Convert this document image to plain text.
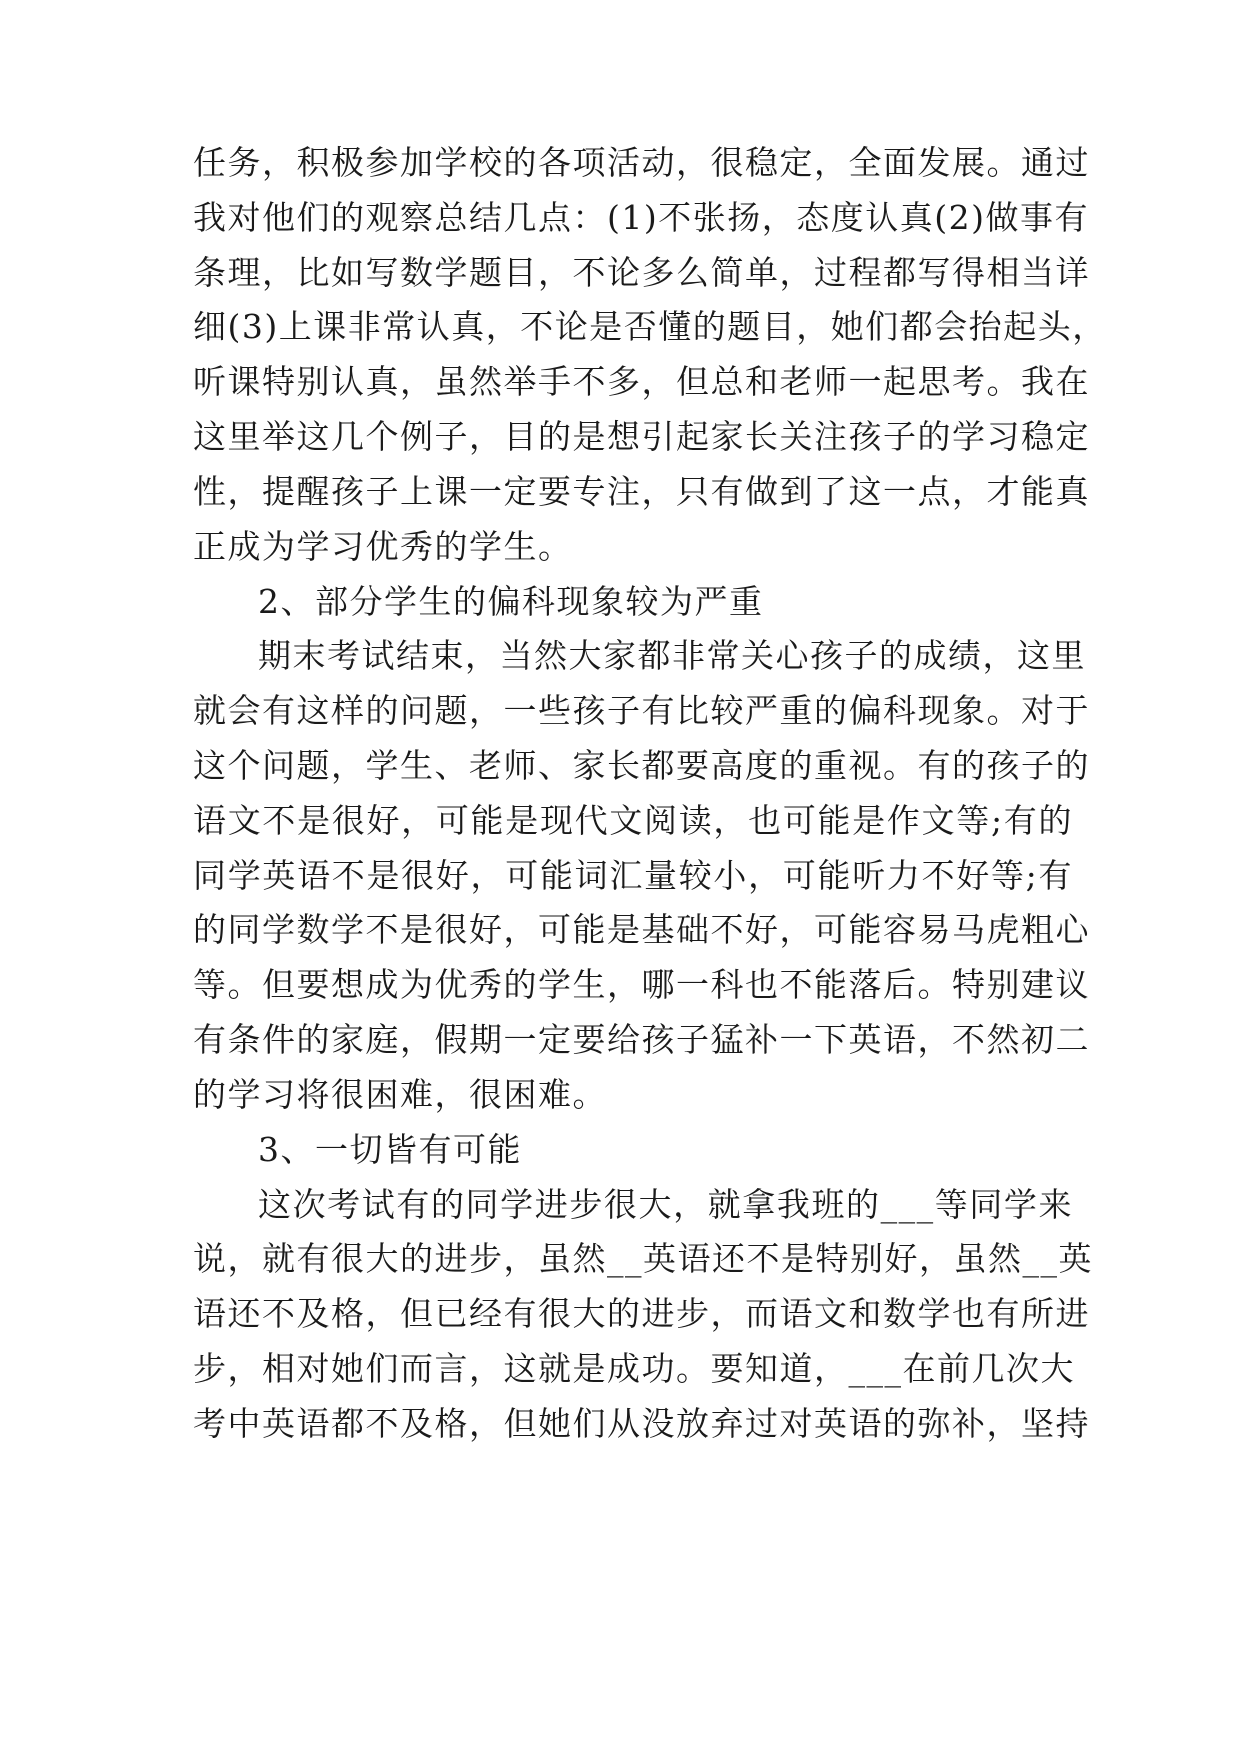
任务，积极参加学校的各项活动，很稳定，全面发展。通过
我对他们的观察总结几点：(1)不张扬，态度认真(2)做事有
条理，比如写数学题目，不论多么简单，过程都写得相当详
细(3)上课非常认真，不论是否懂的题目，她们都会抬起头，
听课特别认真，虽然举手不多，但总和老师一起思考。我在
这里举这几个例子，目的是想引起家长关注孩子的学习稳定
性，提醒孩子上课一定要专注，只有做到了这一点，才能真
正成为学习优秀的学生。
2、部分学生的偏科现象较为严重
期末考试结束，当然大家都非常关心孩子的成绩，这里
就会有这样的问题，一些孩子有比较严重的偏科现象。对于
这个问题，学生、老师、家长都要高度的重视。有的孩子的
语文不是很好，可能是现代文阅读，也可能是作文等;有的
同学英语不是很好，可能词汇量较小，可能听力不好等;有
的同学数学不是很好，可能是基础不好，可能容易马虎粗心
等。但要想成为优秀的学生，哪一科也不能落后。特别建议
有条件的家庭，假期一定要给孩子猛补一下英语，不然初二
的学习将很困难，很困难。
3、一切皆有可能
这次考试有的同学进步很大，就拿我班的___等同学来
说，就有很大的进步，虽然__英语还不是特别好，虽然__英
语还不及格，但已经有很大的进步，而语文和数学也有所进
步，相对她们而言，这就是成功。要知道，___在前几次大
考中英语都不及格，但她们从没放弃过对英语的弥补，坚持
